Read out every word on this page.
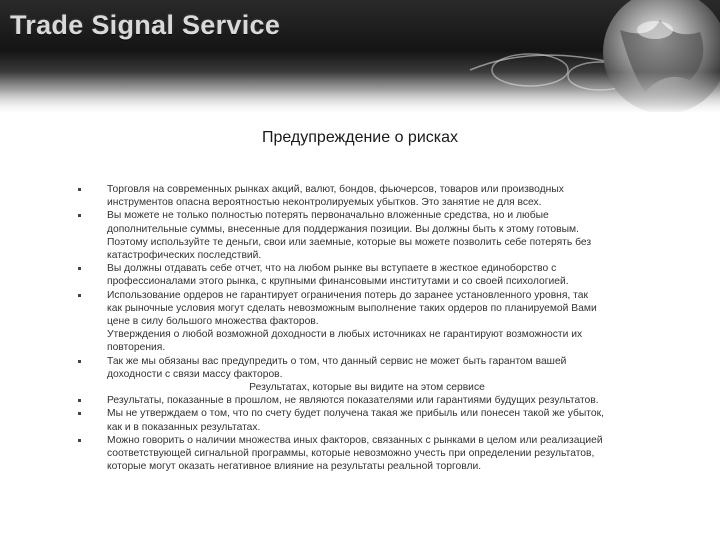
Trade Signal Service
Предупреждение о рисках
Торговля на современных рынках акций, валют, бондов, фьючерсов, товаров или производных
инструментов опасна вероятностью неконтролируемых убытков. Это занятие не для всех.
Вы можете не только полностью потерять первоначально вложенные средства, но и любые
дополнительные суммы, внесенные для поддержания позиции. Вы должны быть к этому готовым.
Поэтому используйте те деньги, свои или заемные, которые вы можете позволить себе потерять без
катастрофических последствий.
Вы должны отдавать себе отчет, что на любом рынке вы вступаете в жесткое единоборство с
профессионалами этого рынка, с крупными финансовыми институтами и со своей психологией.
Использование ордеров не гарантирует ограничения потерь до заранее установленного уровня, так
как рыночные условия могут сделать невозможным выполнение таких ордеров по планируемой Вами
цене в силу большого множества факторов.
Утверждения о любой возможной доходности в любых источниках не гарантируют возможности их
повторения.
Так же мы обязаны вас предупредить о том, что данный сервис не может быть гарантом вашей
доходности с связи массу факторов.
Результатах, которые вы видите на этом сервисе
Результаты, показанные в прошлом, не являются показателями или гарантиями будущих результатов.
Мы не утверждаем о том, что по счету будет получена такая же прибыль или понесен такой же убыток,
как и в показанных результатах.
Можно говорить о наличии множества иных факторов, связанных с рынками в целом или реализацией
соответствующей сигнальной программы, которые невозможно учесть при определении результатов,
которые могут оказать негативное влияние на результаты реальной торговли.
